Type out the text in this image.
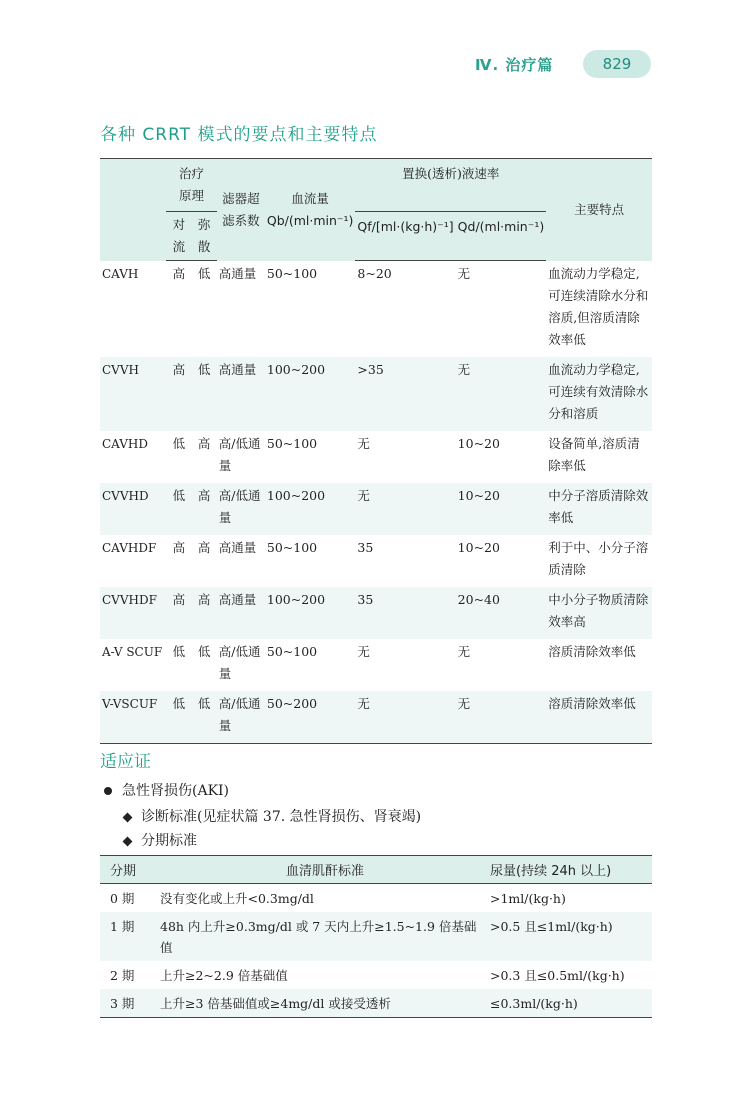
Ⅳ. 治疗篇	829
各种 CRRT 模式的要点和主要特点
	治疗原理		滤器超滤系数	血流量 Qb/(ml·min⁻¹)	置换(透析)液速率		主要特点
	对流	弥散			Qf/[ml·(kg·h)⁻¹]	Qd/(ml·min⁻¹)	
CAVH	高	低	高通量	50~100	8~20	无	血流动力学稳定,可连续清除水分和溶质,但溶质清除效率低
CVVH	高	低	高通量	100~200	>35	无	血流动力学稳定,可连续有效清除水分和溶质
CAVHD	低	高	高/低通量	50~100	无	10~20	设备简单,溶质清除率低
CVVHD	低	高	高/低通量	100~200	无	10~20	中分子溶质清除效率低
CAVHDF	高	高	高通量	50~100	35	10~20	利于中、小分子溶质清除
CVVHDF	高	高	高通量	100~200	35	20~40	中小分子物质清除效率高
A-V SCUF	低	低	高/低通量	50~100	无	无	溶质清除效率低
V-VSCUF	低	低	高/低通量	50~200	无	无	溶质清除效率低
适应证
急性肾损伤(AKI)
诊断标准(见症状篇 37. 急性肾损伤、肾衰竭)
分期标准
分期	血清肌酐标准	尿量(持续 24h 以上)
0 期	没有变化或上升<0.3mg/dl	>1ml/(kg·h)
1 期	48h 内上升≥0.3mg/dl 或 7 天内上升≥1.5~1.9 倍基础值	>0.5 且≤1ml/(kg·h)
2 期	上升≥2~2.9 倍基础值	>0.3 且≤0.5ml/(kg·h)
3 期	上升≥3 倍基础值或≥4mg/dl 或接受透析	≤0.3ml/(kg·h)
